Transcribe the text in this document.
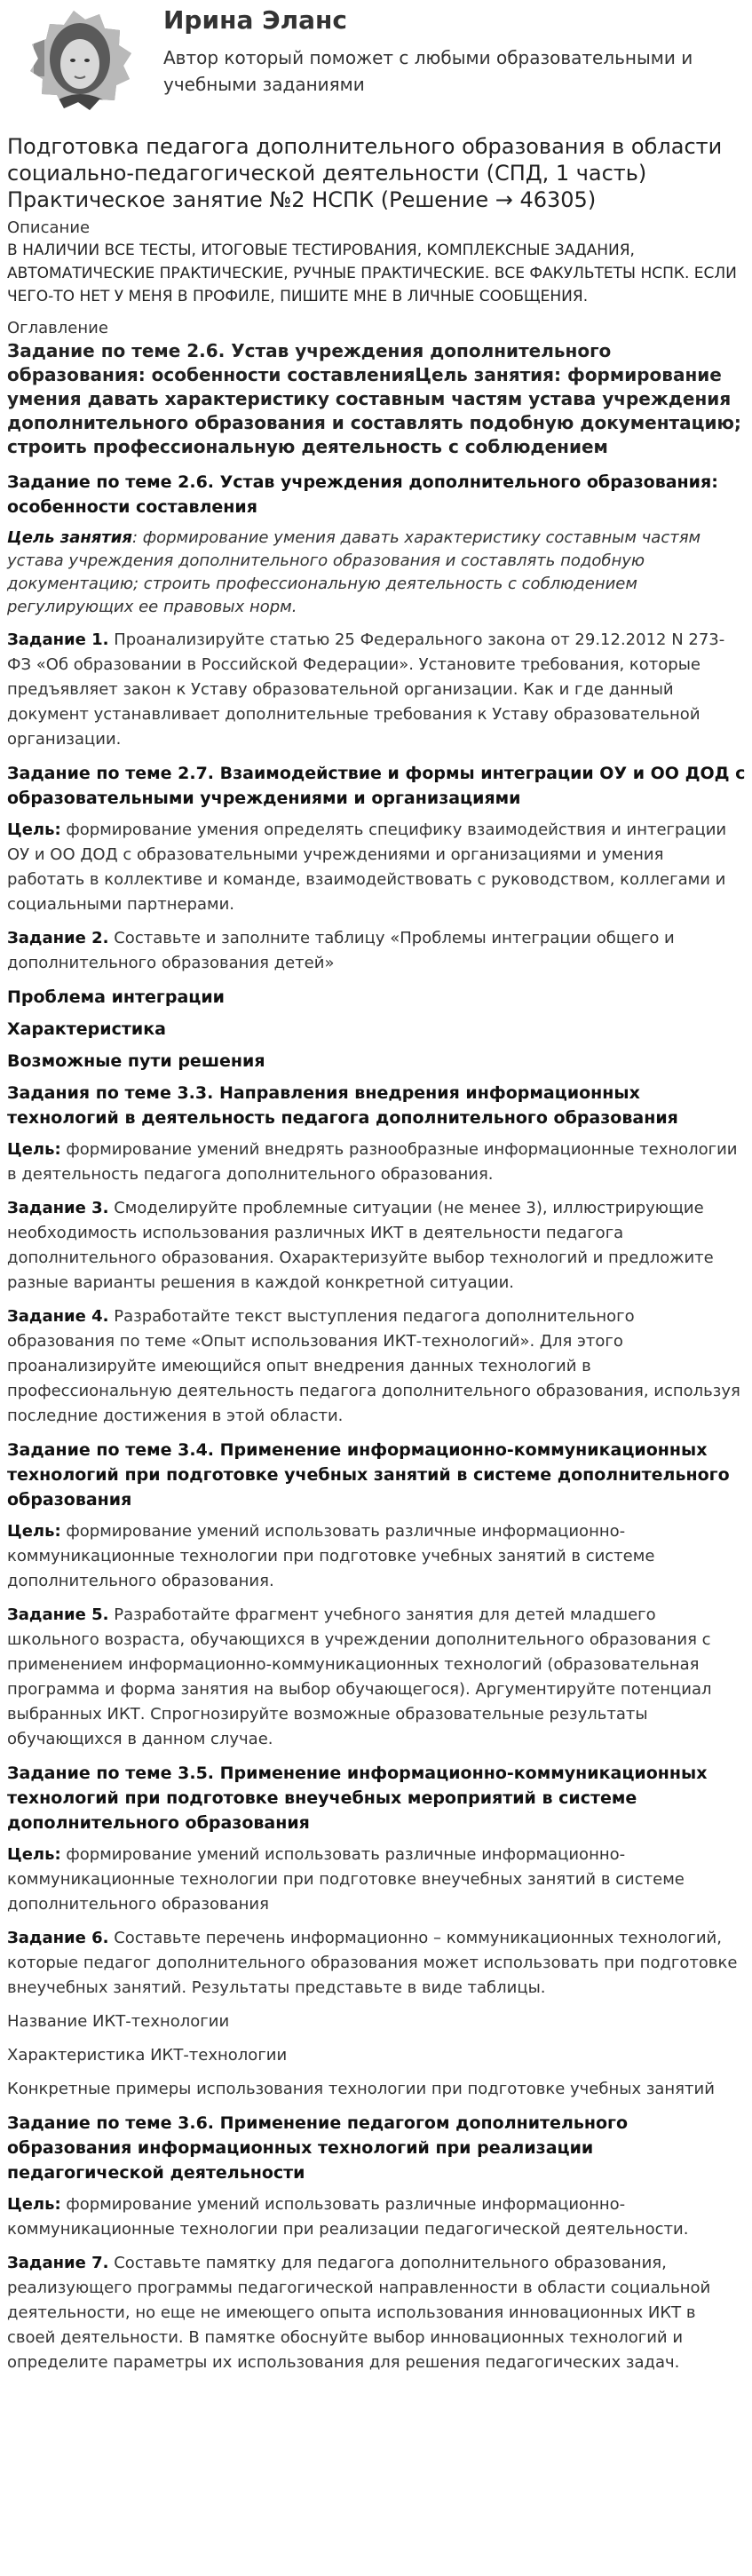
Ирина Эланс
Автор который поможет с любыми образовательными и учебными заданиями
Подготовка педагога дополнительного образования в области социально-педагогической деятельности (СПД, 1 часть) Практическое занятие №2 НСПК (Решение → 46305)
Описание
В НАЛИЧИИ ВСЕ ТЕСТЫ, ИТОГОВЫЕ ТЕСТИРОВАНИЯ, КОМПЛЕКСНЫЕ ЗАДАНИЯ, АВТОМАТИЧЕСКИЕ ПРАКТИЧЕСКИЕ, РУЧНЫЕ ПРАКТИЧЕСКИЕ. ВСЕ ФАКУЛЬТЕТЫ НСПК. ЕСЛИ ЧЕГО-ТО НЕТ У МЕНЯ В ПРОФИЛЕ, ПИШИТЕ МНЕ В ЛИЧНЫЕ СООБЩЕНИЯ.
Оглавление
Задание по теме 2.6. Устав учреждения дополнительного образования: особенности составленияЦель занятия: формирование умения давать характеристику составным частям устава учреждения дополнительного образования и составлять подобную документацию; строить профессиональную деятельность с соблюдением
Задание по теме 2.6. Устав учреждения дополнительного образования: особенности составления
Цель занятия: формирование умения давать характеристику составным частям устава учреждения дополнительного образования и составлять подобную документацию; строить профессиональную деятельность с соблюдением регулирующих ее правовых норм.
Задание 1. Проанализируйте статью 25 Федерального закона от 29.12.2012 N 273-ФЗ «Об образовании в Российской Федерации». Установите требования, которые предъявляет закон к Уставу образовательной организации. Как и где данный документ устанавливает дополнительные требования к Уставу образовательной организации.
Задание по теме 2.7. Взаимодействие и формы интеграции ОУ и ОО ДОД с образовательными учреждениями и организациями
Цель: формирование умения определять специфику взаимодействия и интеграции ОУ и ОО ДОД с образовательными учреждениями и организациями и умения работать в коллективе и команде, взаимодействовать с руководством, коллегами и социальными партнерами.
Задание 2. Составьте и заполните таблицу «Проблемы интеграции общего и дополнительного образования детей»
Проблема интеграции
Характеристика
Возможные пути решения
Задания по теме 3.3. Направления внедрения информационных технологий в деятельность педагога дополнительного образования
Цель: формирование умений внедрять разнообразные информационные технологии в деятельность педагога дополнительного образования.
Задание 3. Смоделируйте проблемные ситуации (не менее 3), иллюстрирующие необходимость использования различных ИКТ в деятельности педагога дополнительного образования. Охарактеризуйте выбор технологий и предложите разные варианты решения в каждой конкретной ситуации.
Задание 4. Разработайте текст выступления педагога дополнительного образования по теме «Опыт использования ИКТ-технологий». Для этого проанализируйте имеющийся опыт внедрения данных технологий в профессиональную деятельность педагога дополнительного образования, используя последние достижения в этой области.
Задание по теме 3.4. Применение информационно-коммуникационных технологий при подготовке учебных занятий в системе дополнительного образования
Цель: формирование умений использовать различные информационно-коммуникационные технологии при подготовке учебных занятий в системе дополнительного образования.
Задание 5. Разработайте фрагмент учебного занятия для детей младшего школьного возраста, обучающихся в учреждении дополнительного образования с применением информационно-коммуникационных технологий (образовательная программа и форма занятия на выбор обучающегося). Аргументируйте потенциал выбранных ИКТ. Спрогнозируйте возможные образовательные результаты обучающихся в данном случае.
Задание по теме 3.5. Применение информационно-коммуникационных технологий при подготовке внеучебных мероприятий в системе дополнительного образования
Цель: формирование умений использовать различные информационно-коммуникационные технологии при подготовке внеучебных занятий в системе дополнительного образования
Задание 6. Составьте перечень информационно – коммуникационных технологий, которые педагог дополнительного образования может использовать при подготовке внеучебных занятий. Результаты представьте в виде таблицы.
Название ИКТ-технологии
Характеристика ИКТ-технологии
Конкретные примеры использования технологии при подготовке учебных занятий
Задание по теме 3.6. Применение педагогом дополнительного образования информационных технологий при реализации педагогической деятельности
Цель: формирование умений использовать различные информационно-коммуникационные технологии при реализации педагогической деятельности.
Задание 7. Составьте памятку для педагога дополнительного образования, реализующего программы педагогической направленности в области социальной деятельности, но еще не имеющего опыта использования инновационных ИКТ в своей деятельности. В памятке обоснуйте выбор инновационных технологий и определите параметры их использования для решения педагогических задач.
